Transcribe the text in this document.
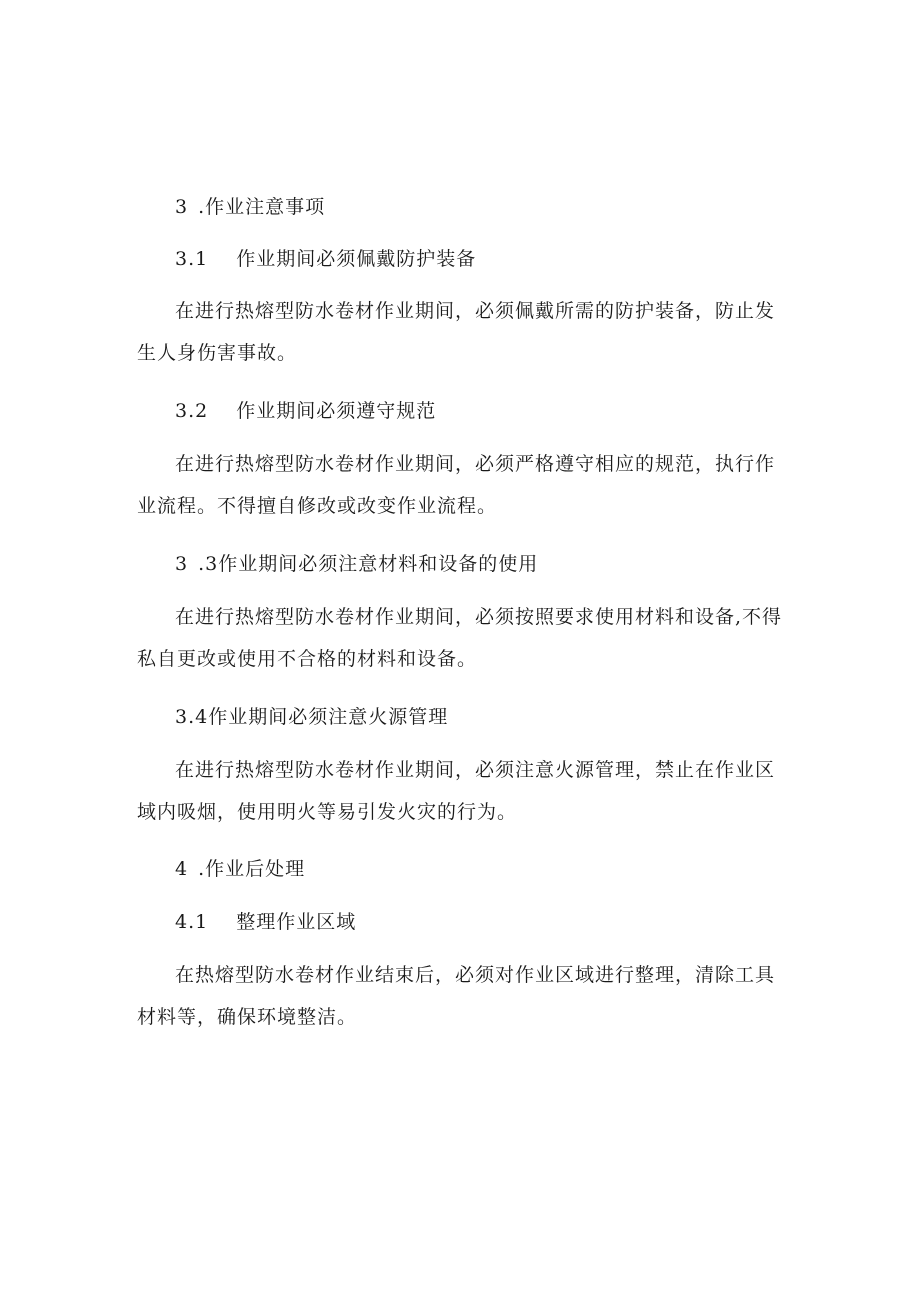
3 .作业注意事项
3.1 作业期间必须佩戴防护装备
在进行热熔型防水卷材作业期间，必须佩戴所需的防护装备，防止发
生人身伤害事故。
3.2 作业期间必须遵守规范
在进行热熔型防水卷材作业期间，必须严格遵守相应的规范，执行作
业流程。不得擅自修改或改变作业流程。
3 .3作业期间必须注意材料和设备的使用
在进行热熔型防水卷材作业期间，必须按照要求使用材料和设备,不得
私自更改或使用不合格的材料和设备。
3.4作业期间必须注意火源管理
在进行热熔型防水卷材作业期间，必须注意火源管理，禁止在作业区
域内吸烟，使用明火等易引发火灾的行为。
4 .作业后处理
4.1 整理作业区域
在热熔型防水卷材作业结束后，必须对作业区域进行整理，清除工具
材料等，确保环境整洁。
